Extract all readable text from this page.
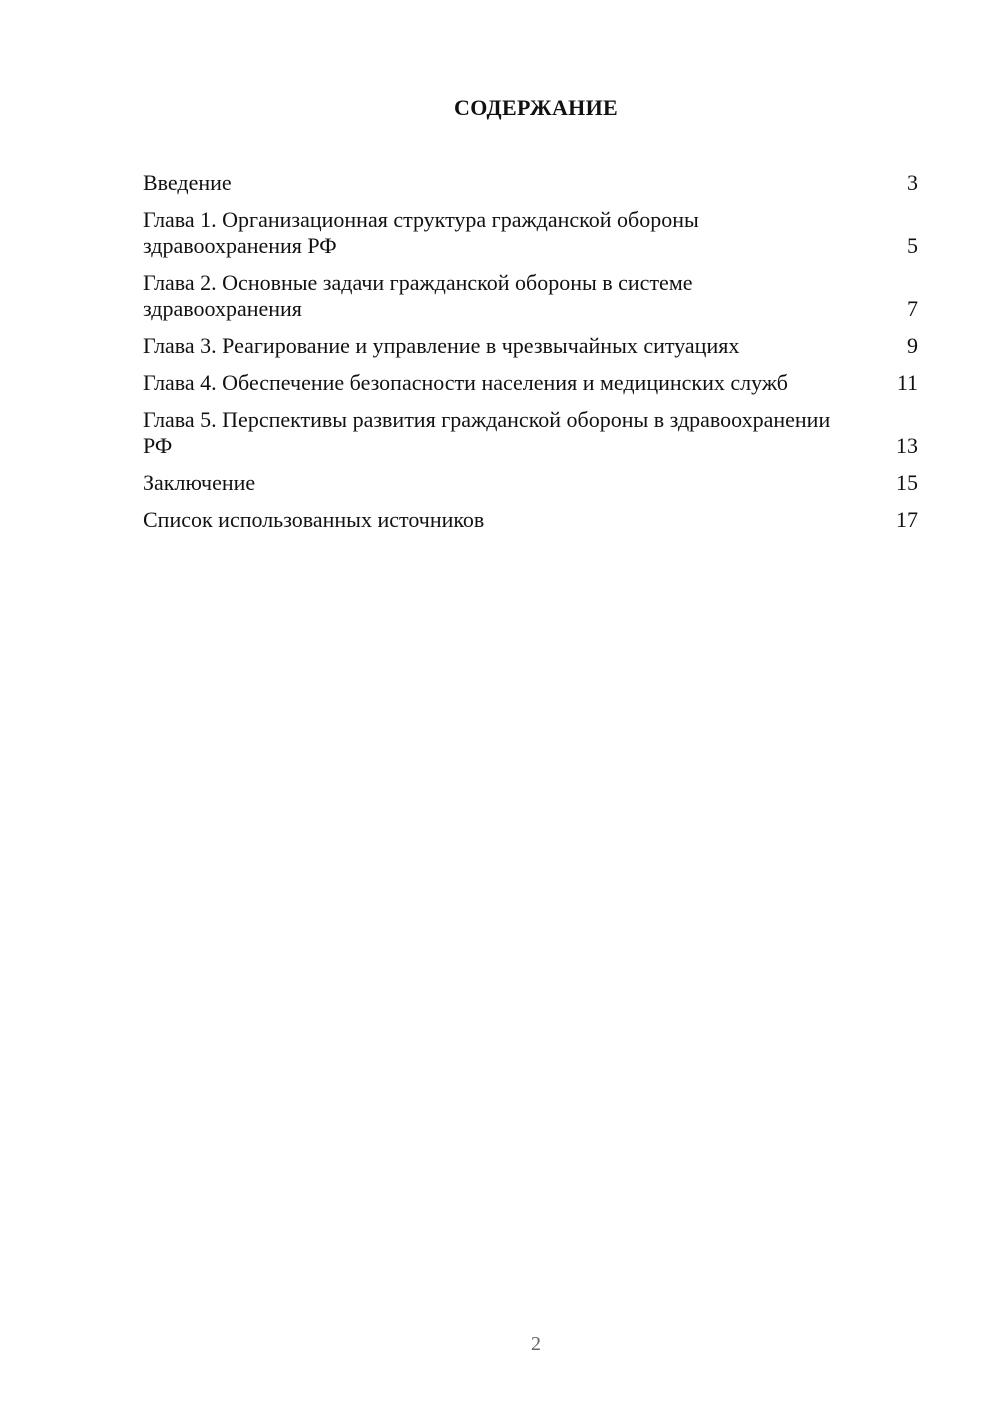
СОДЕРЖАНИЕ
Введение	3
Глава 1. Организационная структура гражданской обороны здравоохранения РФ	5
Глава 2. Основные задачи гражданской обороны в системе здравоохранения	7
Глава 3. Реагирование и управление в чрезвычайных ситуациях	9
Глава 4. Обеспечение безопасности населения и медицинских служб	11
Глава 5. Перспективы развития гражданской обороны в здравоохранении РФ	13
Заключение	15
Список использованных источников	17
2
